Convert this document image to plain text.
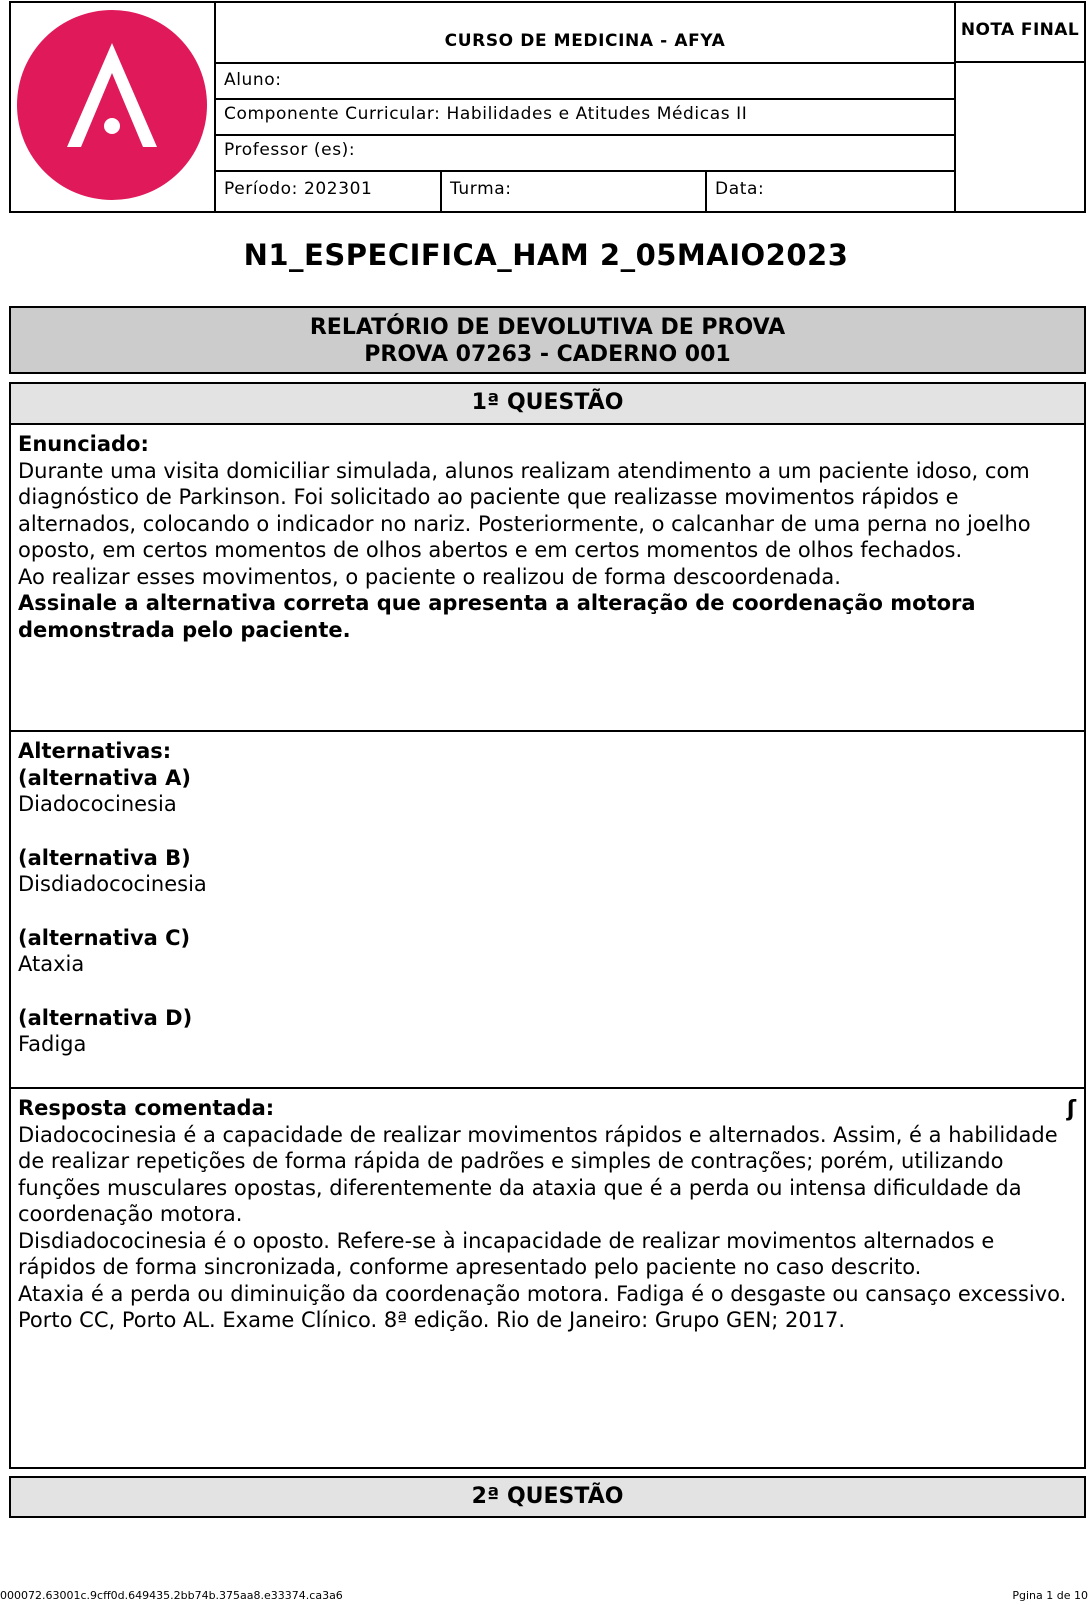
CURSO DE MEDICINA - AFYA
Aluno:
Componente Curricular: Habilidades e Atitudes Médicas II
Professor (es):
Período: 202301	Turma:	Data:
NOTA FINAL
N1_ESPECIFICA_HAM 2_05MAIO2023
RELATÓRIO DE DEVOLUTIVA DE PROVA
PROVA 07263 - CADERNO 001
1ª QUESTÃO
Enunciado:

Durante uma visita domiciliar simulada, alunos realizam atendimento a um paciente idoso, com diagnóstico de Parkinson. Foi solicitado ao paciente que realizasse movimentos rápidos e alternados, colocando o indicador no nariz. Posteriormente, o calcanhar de uma perna no joelho oposto, em certos momentos de olhos abertos e em certos momentos de olhos fechados.

Ao realizar esses movimentos, o paciente o realizou de forma descoordenada.

Assinale a alternativa correta que apresenta a alteração de coordenação motora demonstrada pelo paciente.

Alternativas:
(alternativa A)
Diadococinesia
(alternativa B)
Disdiadococinesia
(alternativa C)
Ataxia
(alternativa D)
Fadiga
Resposta comentada:	ʃ

Diadococinesia é a capacidade de realizar movimentos rápidos e alternados. Assim, é a habilidade de realizar repetições de forma rápida de padrões e simples de contrações; porém, utilizando funções musculares opostas, diferentemente da ataxia que é a perda ou intensa dificuldade da coordenação motora.

Disdiadococinesia é o oposto. Refere-se à incapacidade de realizar movimentos alternados e rápidos de forma sincronizada, conforme apresentado pelo paciente no caso descrito.

Ataxia é a perda ou diminuição da coordenação motora. Fadiga é o desgaste ou cansaço excessivo.

Porto CC, Porto AL. Exame Clínico. 8ª edição. Rio de Janeiro: Grupo GEN; 2017.

2ª QUESTÃO
000072.63001c.9cff0d.649435.2bb74b.375aa8.e33374.ca3a6	Pgina 1 de 10
